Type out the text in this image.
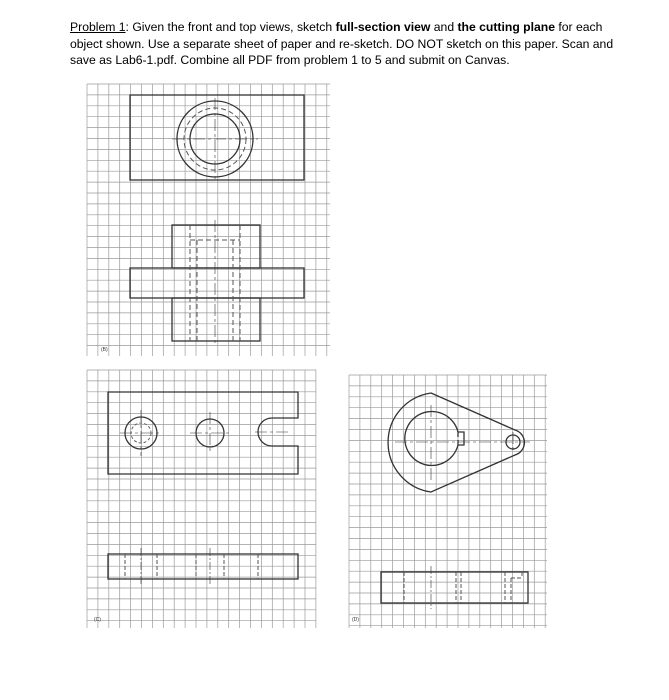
Problem 1: Given the front and top views, sketch full-section view and the cutting plane for each object shown. Use a separate sheet of paper and re-sketch. DO NOT sketch on this paper. Scan and save as Lab6-1.pdf. Combine all PDF from problem 1 to 5 and submit on Canvas.
(B)
(C)	(D)
